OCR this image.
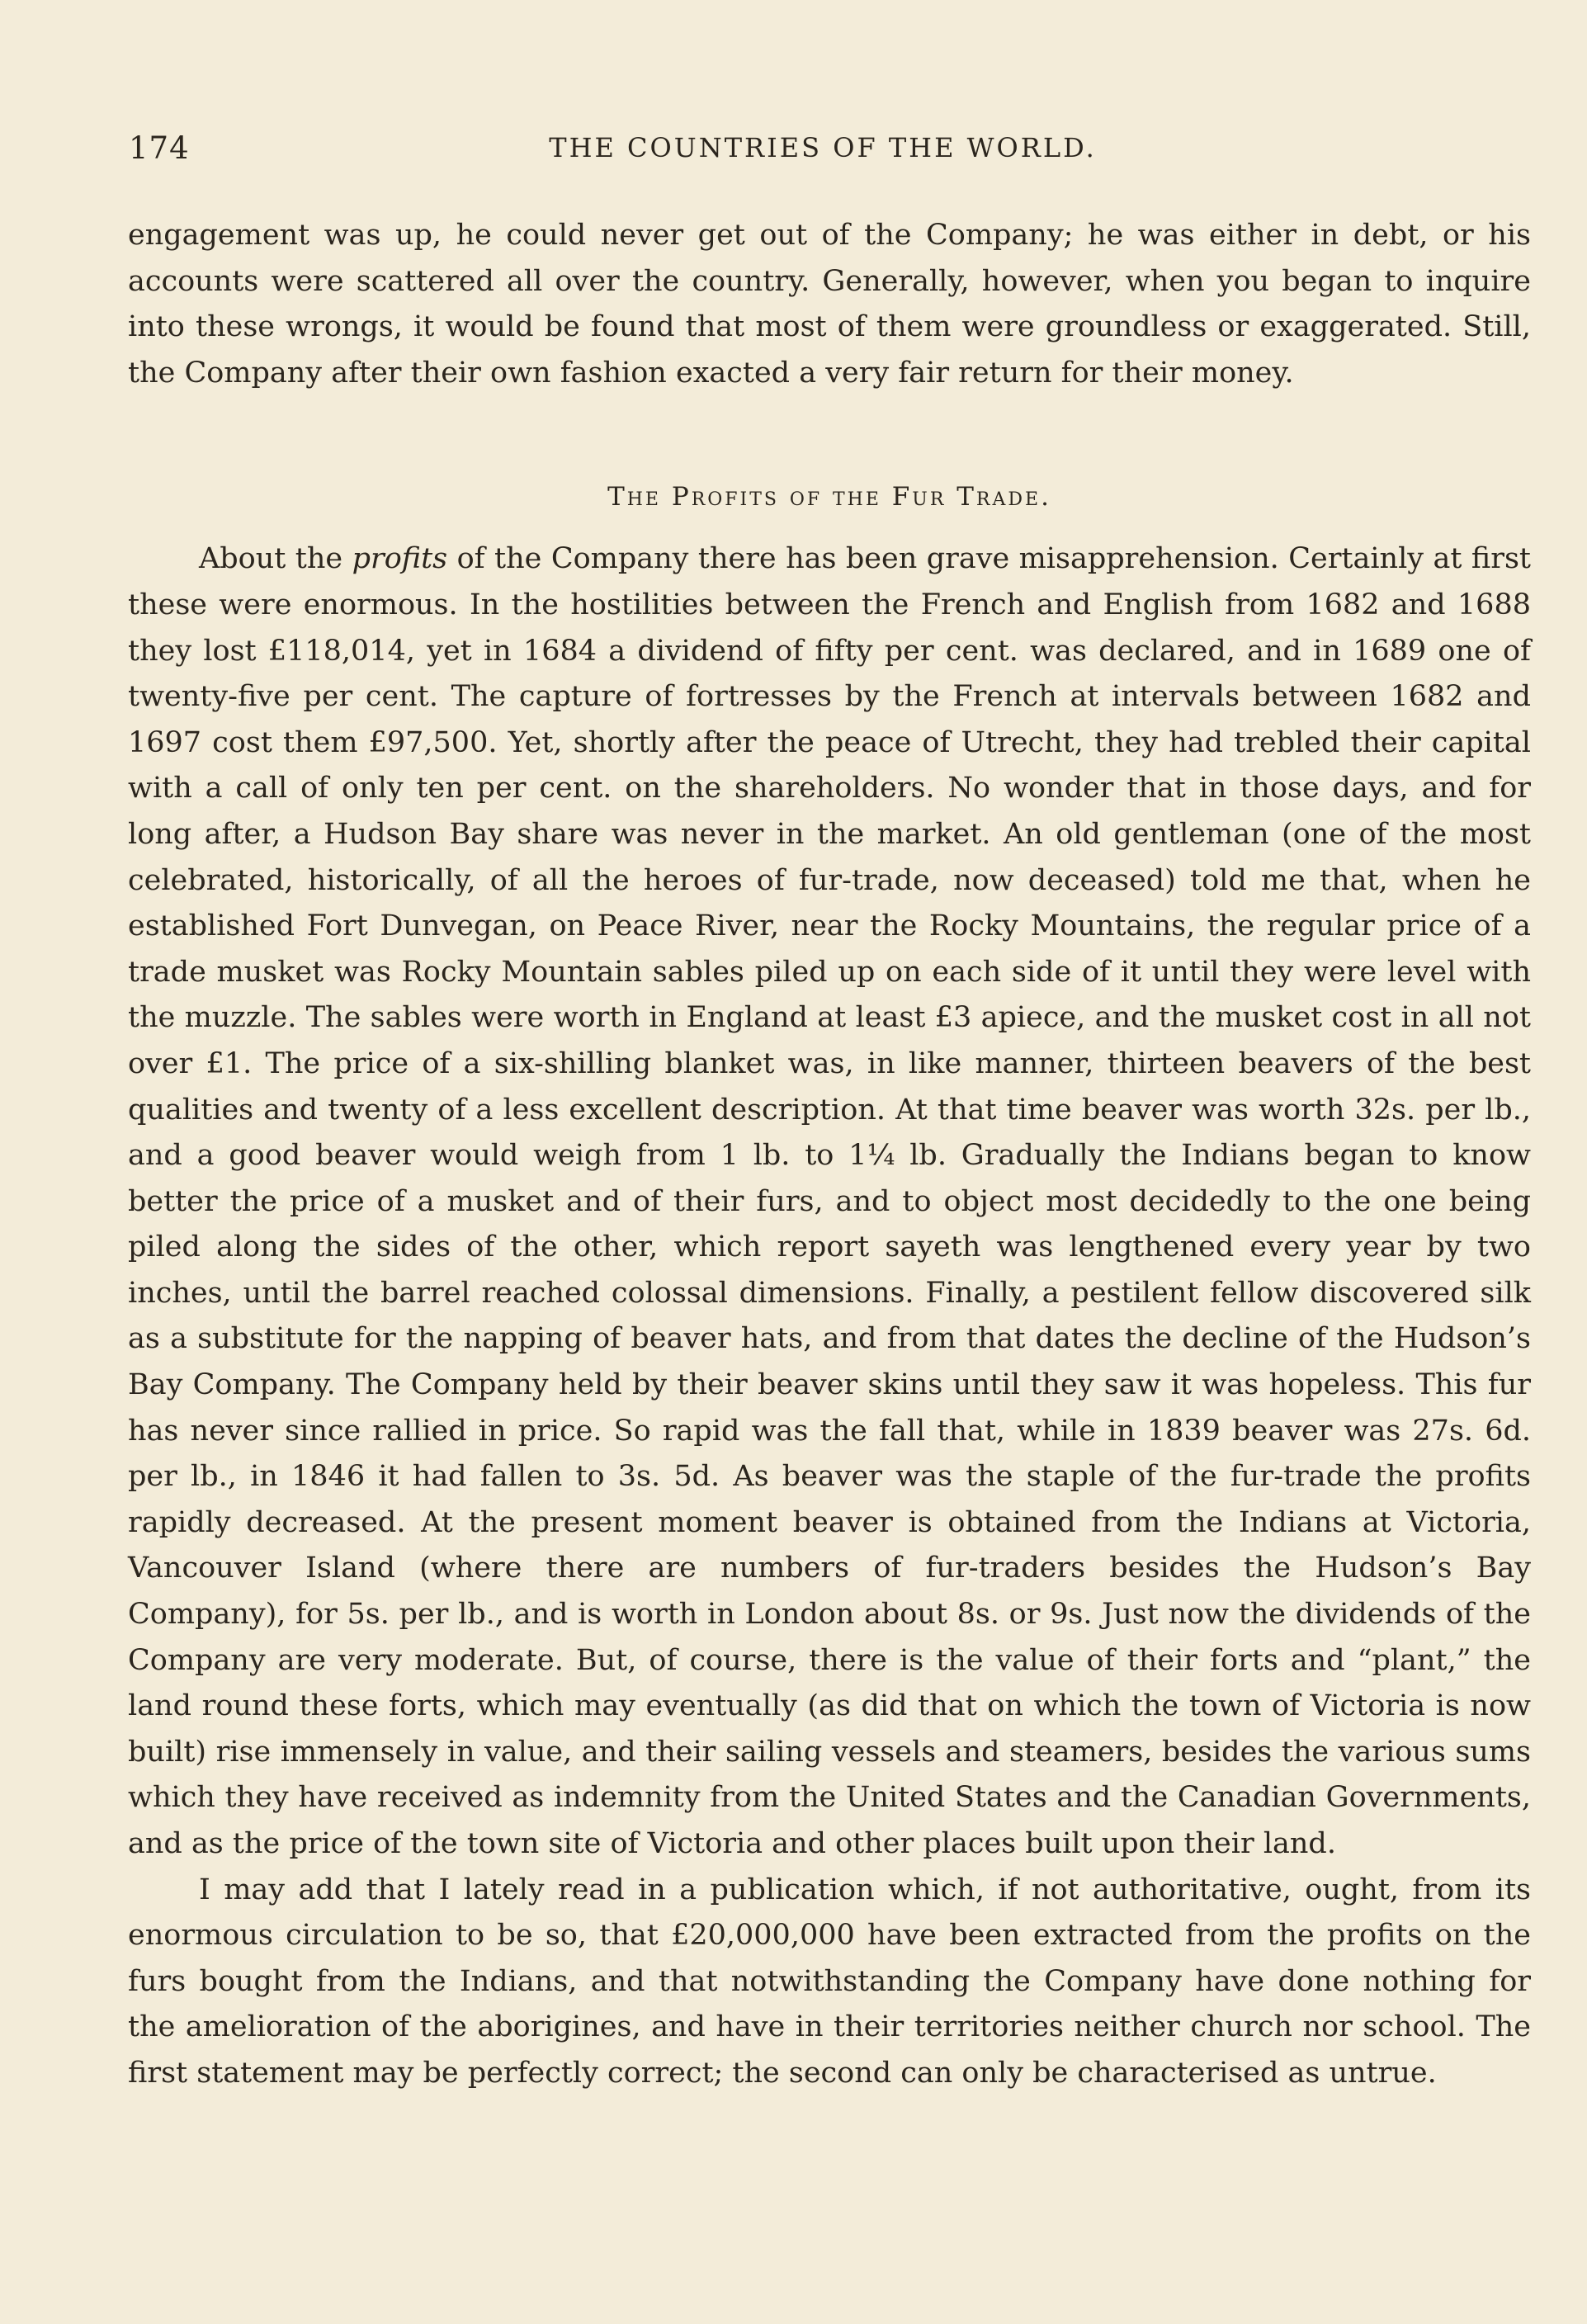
174	THE COUNTRIES OF THE WORLD.

engagement was up, he could never get out of the Company; he was either in debt, or his accounts were scattered all over the country. Generally, however, when you began to inquire into these wrongs, it would be found that most of them were groundless or exaggerated. Still, the Company after their own fashion exacted a very fair return for their money.

The Profits of the Fur Trade.

About the profits of the Company there has been grave misapprehension. Certainly at first these were enormous. In the hostilities between the French and English from 1682 and 1688 they lost £118,014, yet in 1684 a dividend of fifty per cent. was declared, and in 1689 one of twenty-five per cent. The capture of fortresses by the French at intervals between 1682 and 1697 cost them £97,500. Yet, shortly after the peace of Utrecht, they had trebled their capital with a call of only ten per cent. on the shareholders. No wonder that in those days, and for long after, a Hudson Bay share was never in the market. An old gentleman (one of the most celebrated, historically, of all the heroes of fur-trade, now deceased) told me that, when he established Fort Dunvegan, on Peace River, near the Rocky Mountains, the regular price of a trade musket was Rocky Mountain sables piled up on each side of it until they were level with the muzzle. The sables were worth in England at least £3 apiece, and the musket cost in all not over £1. The price of a six-shilling blanket was, in like manner, thirteen beavers of the best qualities and twenty of a less excellent description. At that time beaver was worth 32s. per lb., and a good beaver would weigh from 1 lb. to 1¼ lb. Gradually the Indians began to know better the price of a musket and of their furs, and to object most decidedly to the one being piled along the sides of the other, which report sayeth was lengthened every year by two inches, until the barrel reached colossal dimensions. Finally, a pestilent fellow discovered silk as a substitute for the napping of beaver hats, and from that dates the decline of the Hudson’s Bay Company. The Company held by their beaver skins until they saw it was hopeless. This fur has never since rallied in price. So rapid was the fall that, while in 1839 beaver was 27s. 6d. per lb., in 1846 it had fallen to 3s. 5d. As beaver was the staple of the fur-trade the profits rapidly decreased. At the present moment beaver is obtained from the Indians at Victoria, Vancouver Island (where there are numbers of fur-traders besides the Hudson’s Bay Company), for 5s. per lb., and is worth in London about 8s. or 9s. Just now the dividends of the Company are very moderate. But, of course, there is the value of their forts and “plant,” the land round these forts, which may eventually (as did that on which the town of Victoria is now built) rise immensely in value, and their sailing vessels and steamers, besides the various sums which they have received as indemnity from the United States and the Canadian Governments, and as the price of the town site of Victoria and other places built upon their land.

I may add that I lately read in a publication which, if not authoritative, ought, from its enormous circulation to be so, that £20,000,000 have been extracted from the profits on the furs bought from the Indians, and that notwithstanding the Company have done nothing for the amelioration of the aborigines, and have in their territories neither church nor school. The first statement may be perfectly correct; the second can only be characterised as untrue.
